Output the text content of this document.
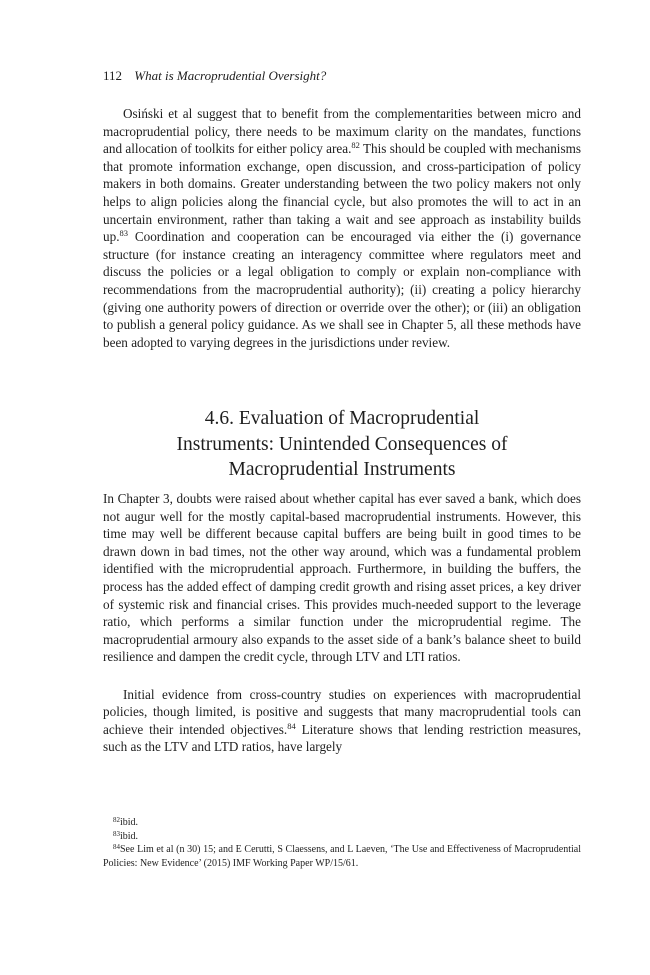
112 What is Macroprudential Oversight?

Osiński et al suggest that to benefit from the complementarities between micro and macroprudential policy, there needs to be maximum clarity on the mandates, functions and allocation of toolkits for either policy area.$^{82}$ This should be coupled with mechanisms that promote information exchange, open discussion, and cross-participation of policy makers in both domains. Greater understanding between the two policy makers not only helps to align policies along the financial cycle, but also promotes the will to act in an uncertain environment, rather than taking a wait and see approach as instability builds up.$^{83}$ Coordination and cooperation can be encouraged via either the (i) governance structure (for instance creating an interagency committee where regulators meet and discuss the policies or a legal obligation to comply or explain non-compliance with recommendations from the macroprudential authority); (ii) creating a policy hierarchy (giving one authority powers of direction or override over the other); or (iii) an obligation to publish a general policy guidance. As we shall see in Chapter 5, all these methods have been adopted to varying degrees in the jurisdictions under review.

4.6. Evaluation of Macroprudential
Instruments: Unintended Consequences of
Macroprudential Instruments

In Chapter 3, doubts were raised about whether capital has ever saved a bank, which does not augur well for the mostly capital-based macroprudential instruments. However, this time may well be different because capital buffers are being built in good times to be drawn down in bad times, not the other way around, which was a fundamental problem identified with the microprudential approach. Furthermore, in building the buffers, the process has the added effect of damping credit growth and rising asset prices, a key driver of systemic risk and financial crises. This provides much-needed support to the leverage ratio, which performs a similar function under the microprudential regime. The macroprudential armoury also expands to the asset side of a bank’s balance sheet to build resilience and dampen the credit cycle, through LTV and LTI ratios.

Initial evidence from cross-country studies on experiences with macroprudential policies, though limited, is positive and suggests that many macroprudential tools can achieve their intended objectives.$^{84}$ Literature shows that lending restriction measures, such as the LTV and LTD ratios, have largely

$^{82}$ibid.

$^{83}$ibid.

$^{84}$See Lim et al (n 30) 15; and E Cerutti, S Claessens, and L Laeven, ‘The Use and Effectiveness of Macroprudential Policies: New Evidence’ (2015) IMF Working Paper WP/15/61.
